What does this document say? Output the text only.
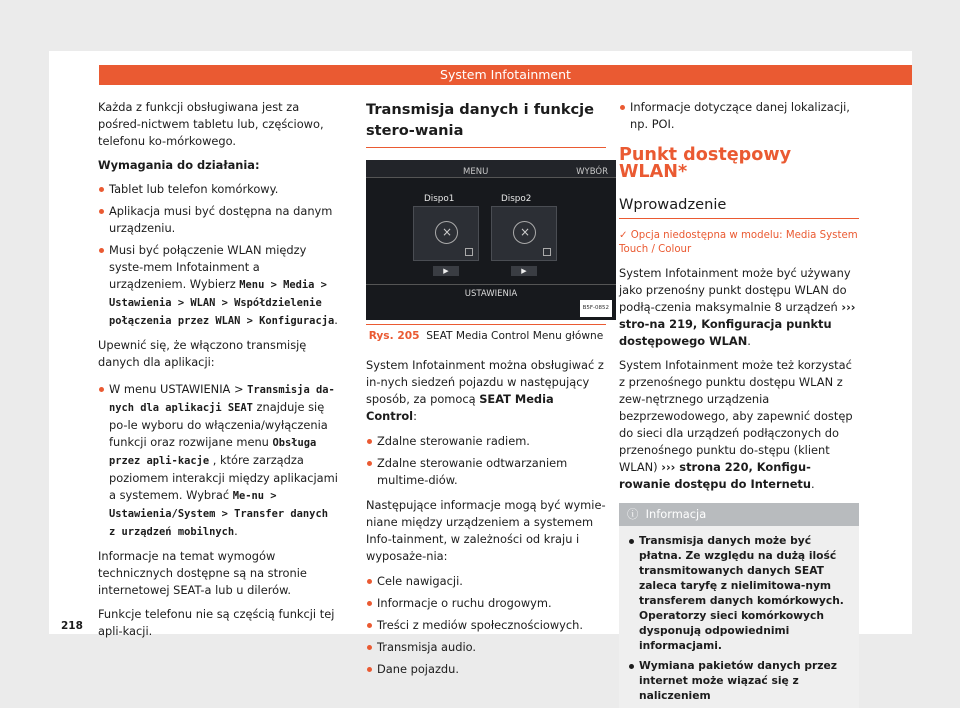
System Infotainment

Każda z funkcji obsługiwana jest za pośred-nictwem tabletu lub, częściowo, telefonu ko-mórkowego.

Wymagania do działania:

Tablet lub telefon komórkowy.
Aplikacja musi być dostępna na danym urządzeniu.
Musi być połączenie WLAN między syste-mem Infotainment a urządzeniem. Wybierz Menu > Media > Ustawienia > WLAN > Współdzielenie połączenia przez WLAN > Konfiguracja.

Upewnić się, że włączono transmisję danych dla aplikacji:

W menu USTAWIENIA > Transmisja da-nych dla aplikacji SEAT znajduje się po-le wyboru do włączenia/wyłączenia funkcji oraz rozwijane menu Obsługa przez apli-kacje , które zarządza poziomem interakcji między aplikacjami a systemem. Wybrać Me-nu > Ustawienia/System > Transfer danych z urządzeń mobilnych.

Informacje na temat wymogów technicznych dostępne są na stronie internetowej SEAT-a lub u dilerów.

Funkcje telefonu nie są częścią funkcji tej apli-kacji.

Transmisja danych i funkcje stero-wania
MENU	WYBÓR
Dispo1	Dispo2
×
×
▶	▶
USTAWIENIA
B5F-0852
Rys. 205 SEAT Media Control Menu główne

System Infotainment można obsługiwać z in-nych siedzeń pojazdu w następujący sposób, za pomocą SEAT Media Control:

Zdalne sterowanie radiem.
Zdalne sterowanie odtwarzaniem multime-diów.

Następujące informacje mogą być wymie-niane między urządzeniem a systemem Info-tainment, w zależności od kraju i wyposaże-nia:

Cele nawigacji.
Informacje o ruchu drogowym.
Treści z mediów społecznościowych.
Transmisja audio.
Dane pojazdu.
Informacje dotyczące danej lokalizacji, np. POI.
Punkt dostępowy WLAN*
Wprowadzenie
✓ Opcja niedostępna w modelu: Media System Touch / Colour

System Infotainment może być używany jako przenośny punkt dostępu WLAN do podłą-czenia maksymalnie 8 urządzeń ››› stro-na 219, Konfiguracja punktu dostępowego WLAN.

System Infotainment może też korzystać z przenośnego punktu dostępu WLAN z zew-nętrznego urządzenia bezprzewodowego, aby zapewnić dostęp do sieci dla urządzeń podłączonych do przenośnego punktu do-stępu (klient WLAN) ››› strona 220, Konfigu-rowanie dostępu do Internetu.

ⓘ Informacja
Transmisja danych może być płatna. Ze względu na dużą ilość transmitowanych danych SEAT zaleca taryfę z nielimitowa-nym transferem danych komórkowych. Operatorzy sieci komórkowych dysponują odpowiednimi informacjami.
Wymiana pakietów danych przez internet może wiązać się z naliczeniem
218
